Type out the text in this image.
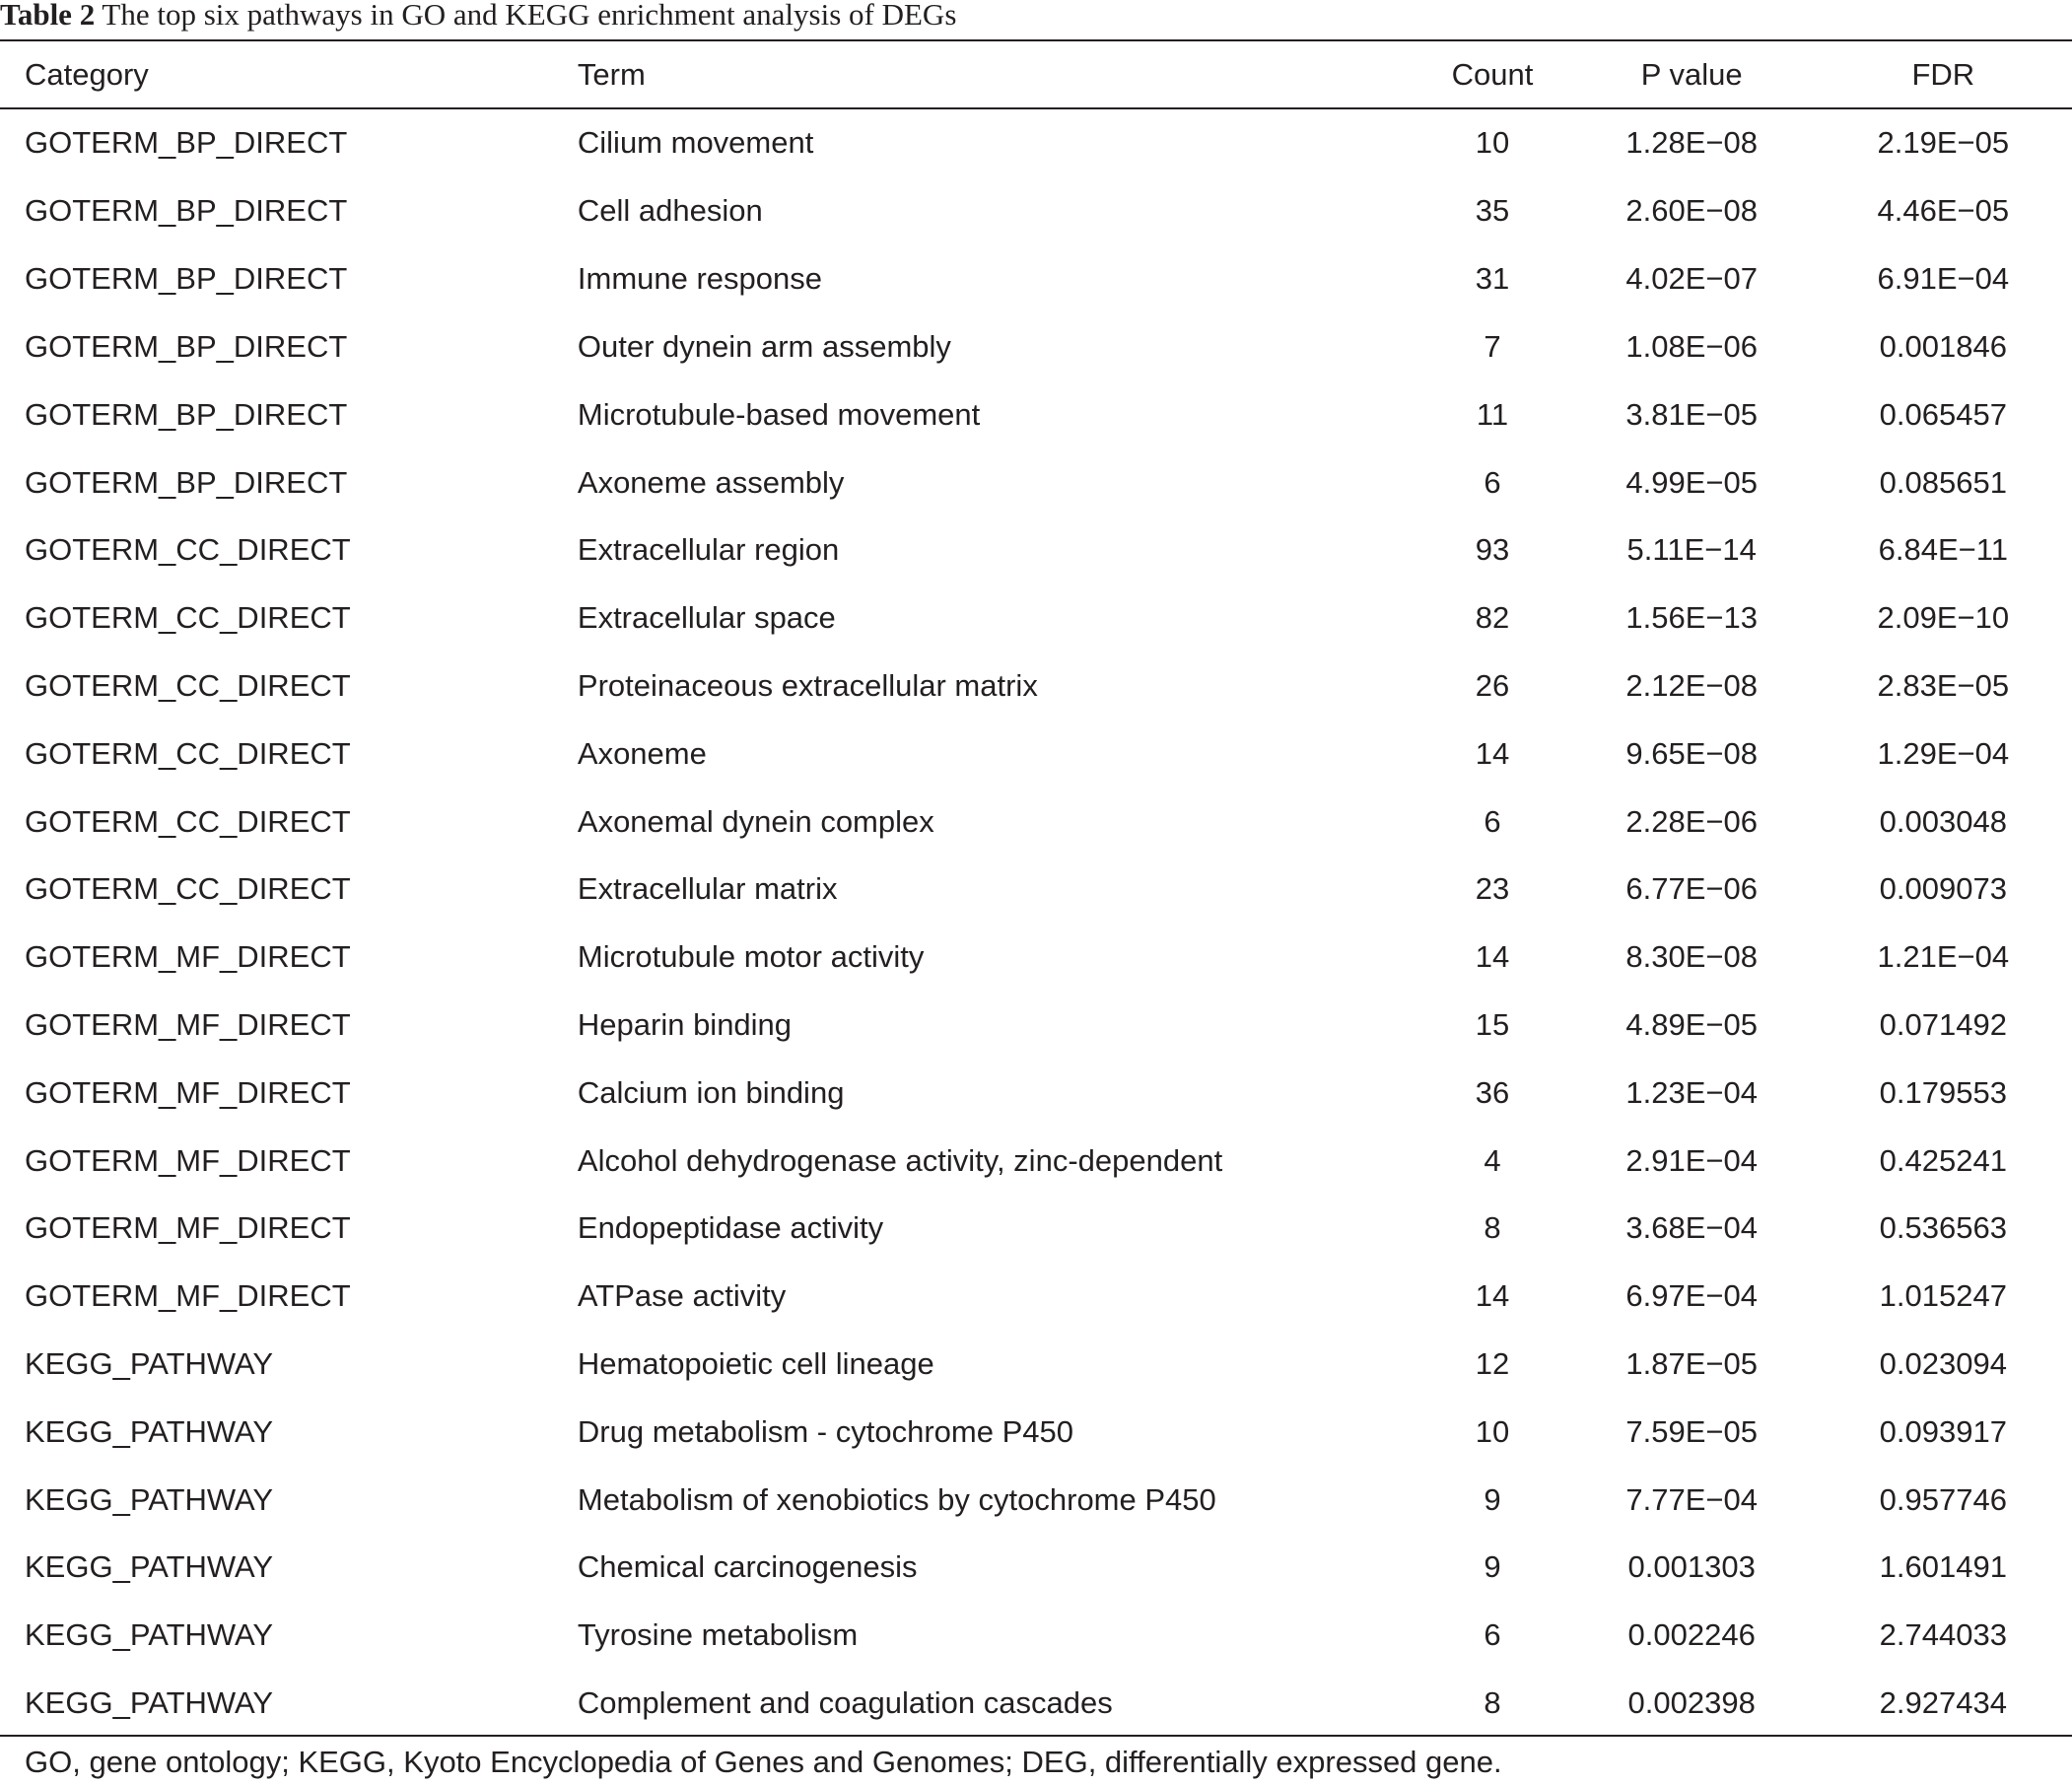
Table 2 The top six pathways in GO and KEGG enrichment analysis of DEGs
Category	Term	Count	P value	FDR
GOTERM_BP_DIRECT	Cilium movement	10	1.28E−08	2.19E−05
GOTERM_BP_DIRECT	Cell adhesion	35	2.60E−08	4.46E−05
GOTERM_BP_DIRECT	Immune response	31	4.02E−07	6.91E−04
GOTERM_BP_DIRECT	Outer dynein arm assembly	7	1.08E−06	0.001846
GOTERM_BP_DIRECT	Microtubule-based movement	11	3.81E−05	0.065457
GOTERM_BP_DIRECT	Axoneme assembly	6	4.99E−05	0.085651
GOTERM_CC_DIRECT	Extracellular region	93	5.11E−14	6.84E−11
GOTERM_CC_DIRECT	Extracellular space	82	1.56E−13	2.09E−10
GOTERM_CC_DIRECT	Proteinaceous extracellular matrix	26	2.12E−08	2.83E−05
GOTERM_CC_DIRECT	Axoneme	14	9.65E−08	1.29E−04
GOTERM_CC_DIRECT	Axonemal dynein complex	6	2.28E−06	0.003048
GOTERM_CC_DIRECT	Extracellular matrix	23	6.77E−06	0.009073
GOTERM_MF_DIRECT	Microtubule motor activity	14	8.30E−08	1.21E−04
GOTERM_MF_DIRECT	Heparin binding	15	4.89E−05	0.071492
GOTERM_MF_DIRECT	Calcium ion binding	36	1.23E−04	0.179553
GOTERM_MF_DIRECT	Alcohol dehydrogenase activity, zinc-dependent	4	2.91E−04	0.425241
GOTERM_MF_DIRECT	Endopeptidase activity	8	3.68E−04	0.536563
GOTERM_MF_DIRECT	ATPase activity	14	6.97E−04	1.015247
KEGG_PATHWAY	Hematopoietic cell lineage	12	1.87E−05	0.023094
KEGG_PATHWAY	Drug metabolism - cytochrome P450	10	7.59E−05	0.093917
KEGG_PATHWAY	Metabolism of xenobiotics by cytochrome P450	9	7.77E−04	0.957746
KEGG_PATHWAY	Chemical carcinogenesis	9	0.001303	1.601491
KEGG_PATHWAY	Tyrosine metabolism	6	0.002246	2.744033
KEGG_PATHWAY	Complement and coagulation cascades	8	0.002398	2.927434
GO, gene ontology; KEGG, Kyoto Encyclopedia of Genes and Genomes; DEG, differentially expressed gene.
